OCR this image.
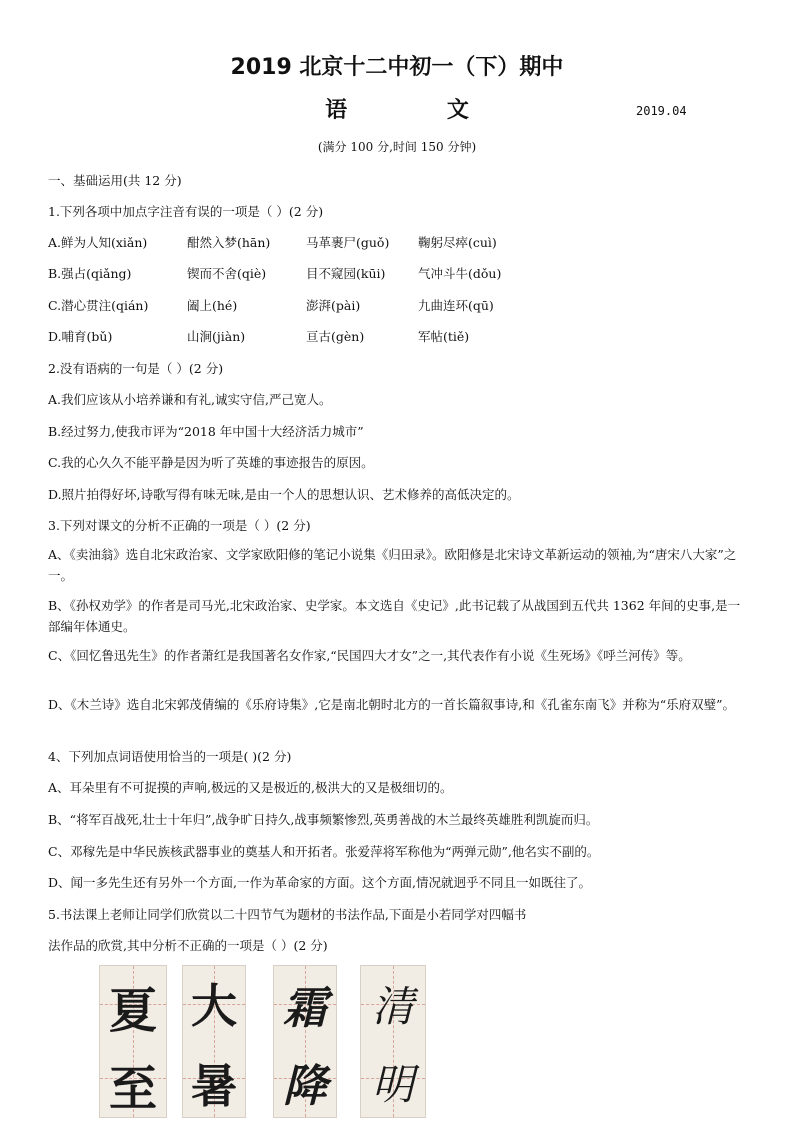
2019 北京十二中初一（下）期中
语 文	2019.04
(满分 100 分,时间 150 分钟)
一、基础运用(共 12 分)
1.下列各项中加点字注音有误的一项是（ ）(2 分)
A.鲜为人知(xiǎn)	酣然入梦(hān)	马革裹尸(guǒ) 鞠躬尽瘁(cuì)
B.强占(qiǎng)	锲而不舍(qiè)	目不窥园(kūi)	气冲斗牛(dǒu)
C.潜心贯注(qián)	阖上(hé)	澎湃(pài)	九曲连环(qū)
D.哺育(bǔ)	山涧(jiàn)	亘古(gèn)	军帖(tiě)
2.没有语病的一句是（ ）(2 分)
A.我们应该从小培养谦和有礼,诚实守信,严己宽人。
B.经过努力,使我市评为“2018 年中国十大经济活力城市”
C.我的心久久不能平静是因为听了英雄的事迹报告的原因。
D.照片拍得好坏,诗歌写得有味无味,是由一个人的思想认识、艺术修养的高低决定的。
3.下列对课文的分析不正确的一项是（ ）(2 分)
A、《卖油翁》选自北宋政治家、文学家欧阳修的笔记小说集《归田录》。欧阳修是北宋诗文革新运动的领袖,为“唐宋八大家”之一。
B、《孙权劝学》的作者是司马光,北宋政治家、史学家。本文选自《史记》,此书记载了从战国到五代共 1362 年间的史事,是一部编年体通史。
C、《回忆鲁迅先生》的作者萧红是我国著名女作家,“民国四大才女”之一,其代表作有小说《生死场》《呼兰河传》等。
D、《木兰诗》选自北宋郭茂倩编的《乐府诗集》,它是南北朝时北方的一首长篇叙事诗,和《孔雀东南飞》并称为“乐府双璧”。
4、下列加点词语使用恰当的一项是( )(2 分)
A、耳朵里有不可捉摸的声响,极远的又是极近的,极洪大的又是极细切的。
B、“将军百战死,壮士十年归”,战争旷日持久,战事频繁惨烈,英勇善战的木兰最终英雄胜利凯旋而归。
C、邓稼先是中华民族核武器事业的奠基人和开拓者。张爱萍将军称他为“两弹元勋”,他名实不副的。
D、闻一多先生还有另外一个方面,一作为革命家的方面。这个方面,情况就迥乎不同且一如既往了。
5.书法课上老师让同学们欣赏以二十四节气为题材的书法作品,下面是小若同学对四幅书
法作品的欣赏,其中分析不正确的一项是（ ）(2 分)
夏
至
大
暑
霜
降
清
明
